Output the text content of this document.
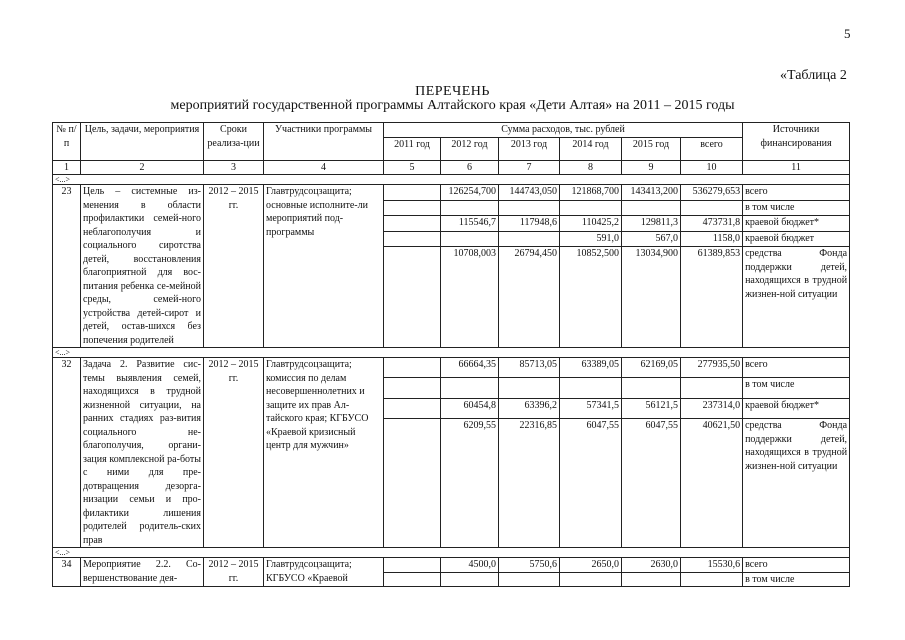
5
«Таблица 2
ПЕРЕЧЕНЬ
мероприятий государственной программы Алтайского края «Дети Алтая» на 2011 – 2015 годы
№ п/п	Цель, задачи, мероприятия	Сроки реализа-ции	Участники программы	Сумма расходов, тыс. рублей						Источники финансирования
				2011 год	2012 год	2013 год	2014 год	2015 год	всего	
1	2	3	4	5	6	7	8	9	10	11
<...>										
23	Цель – системные из-менения в области профилактики семей-ного неблагополучия и социального сиротства детей, восстановления благоприятной для вос-питания ребенка се-мейной среды, семей-ного устройства детей-сирот и детей, остав-шихся без попечения родителей	2012 – 2015 гг.	Главтрудсоцзащита; основные исполните-ли мероприятий под-программы		126254,700	144743,050	121868,700	143413,200	536279,653	всего
										в том числе
					115546,7	117948,6	110425,2	129811,3	473731,8	краевой бюджет*
							591,0	567,0	1158,0	краевой бюджет
					10708,003	26794,450	10852,500	13034,900	61389,853	средства Фонда поддержки детей, находящихся в трудной жизнен-ной ситуации
<...>										
32	Задача 2. Развитие сис-темы выявления семей, находящихся в трудной жизненной ситуации, на ранних стадиях раз-вития социального не-благополучия, органи-зация комплексной ра-боты с ними для пре-дотвращения дезорга-низации семьи и про-филактики лишения родителей родитель-ских прав	2012 – 2015 гг.	Главтрудсоцзащита; комиссия по делам несовершеннолетних и защите их прав Ал-тайского края; КГБУСО «Краевой кризисный центр для мужчин»		66664,35	85713,05	63389,05	62169,05	277935,50	всего
										в том числе
					60454,8	63396,2	57341,5	56121,5	237314,0	краевой бюджет*
					6209,55	22316,85	6047,55	6047,55	40621,50	средства Фонда поддержки детей, находящихся в трудной жизнен-ной ситуации
<...>										
34	Мероприятие 2.2. Со-вершенствование дея-	2012 – 2015 гг.	Главтрудсоцзащита; КГБУСО «Краевой		4500,0	5750,6	2650,0	2630,0	15530,6	всего
										в том числе
